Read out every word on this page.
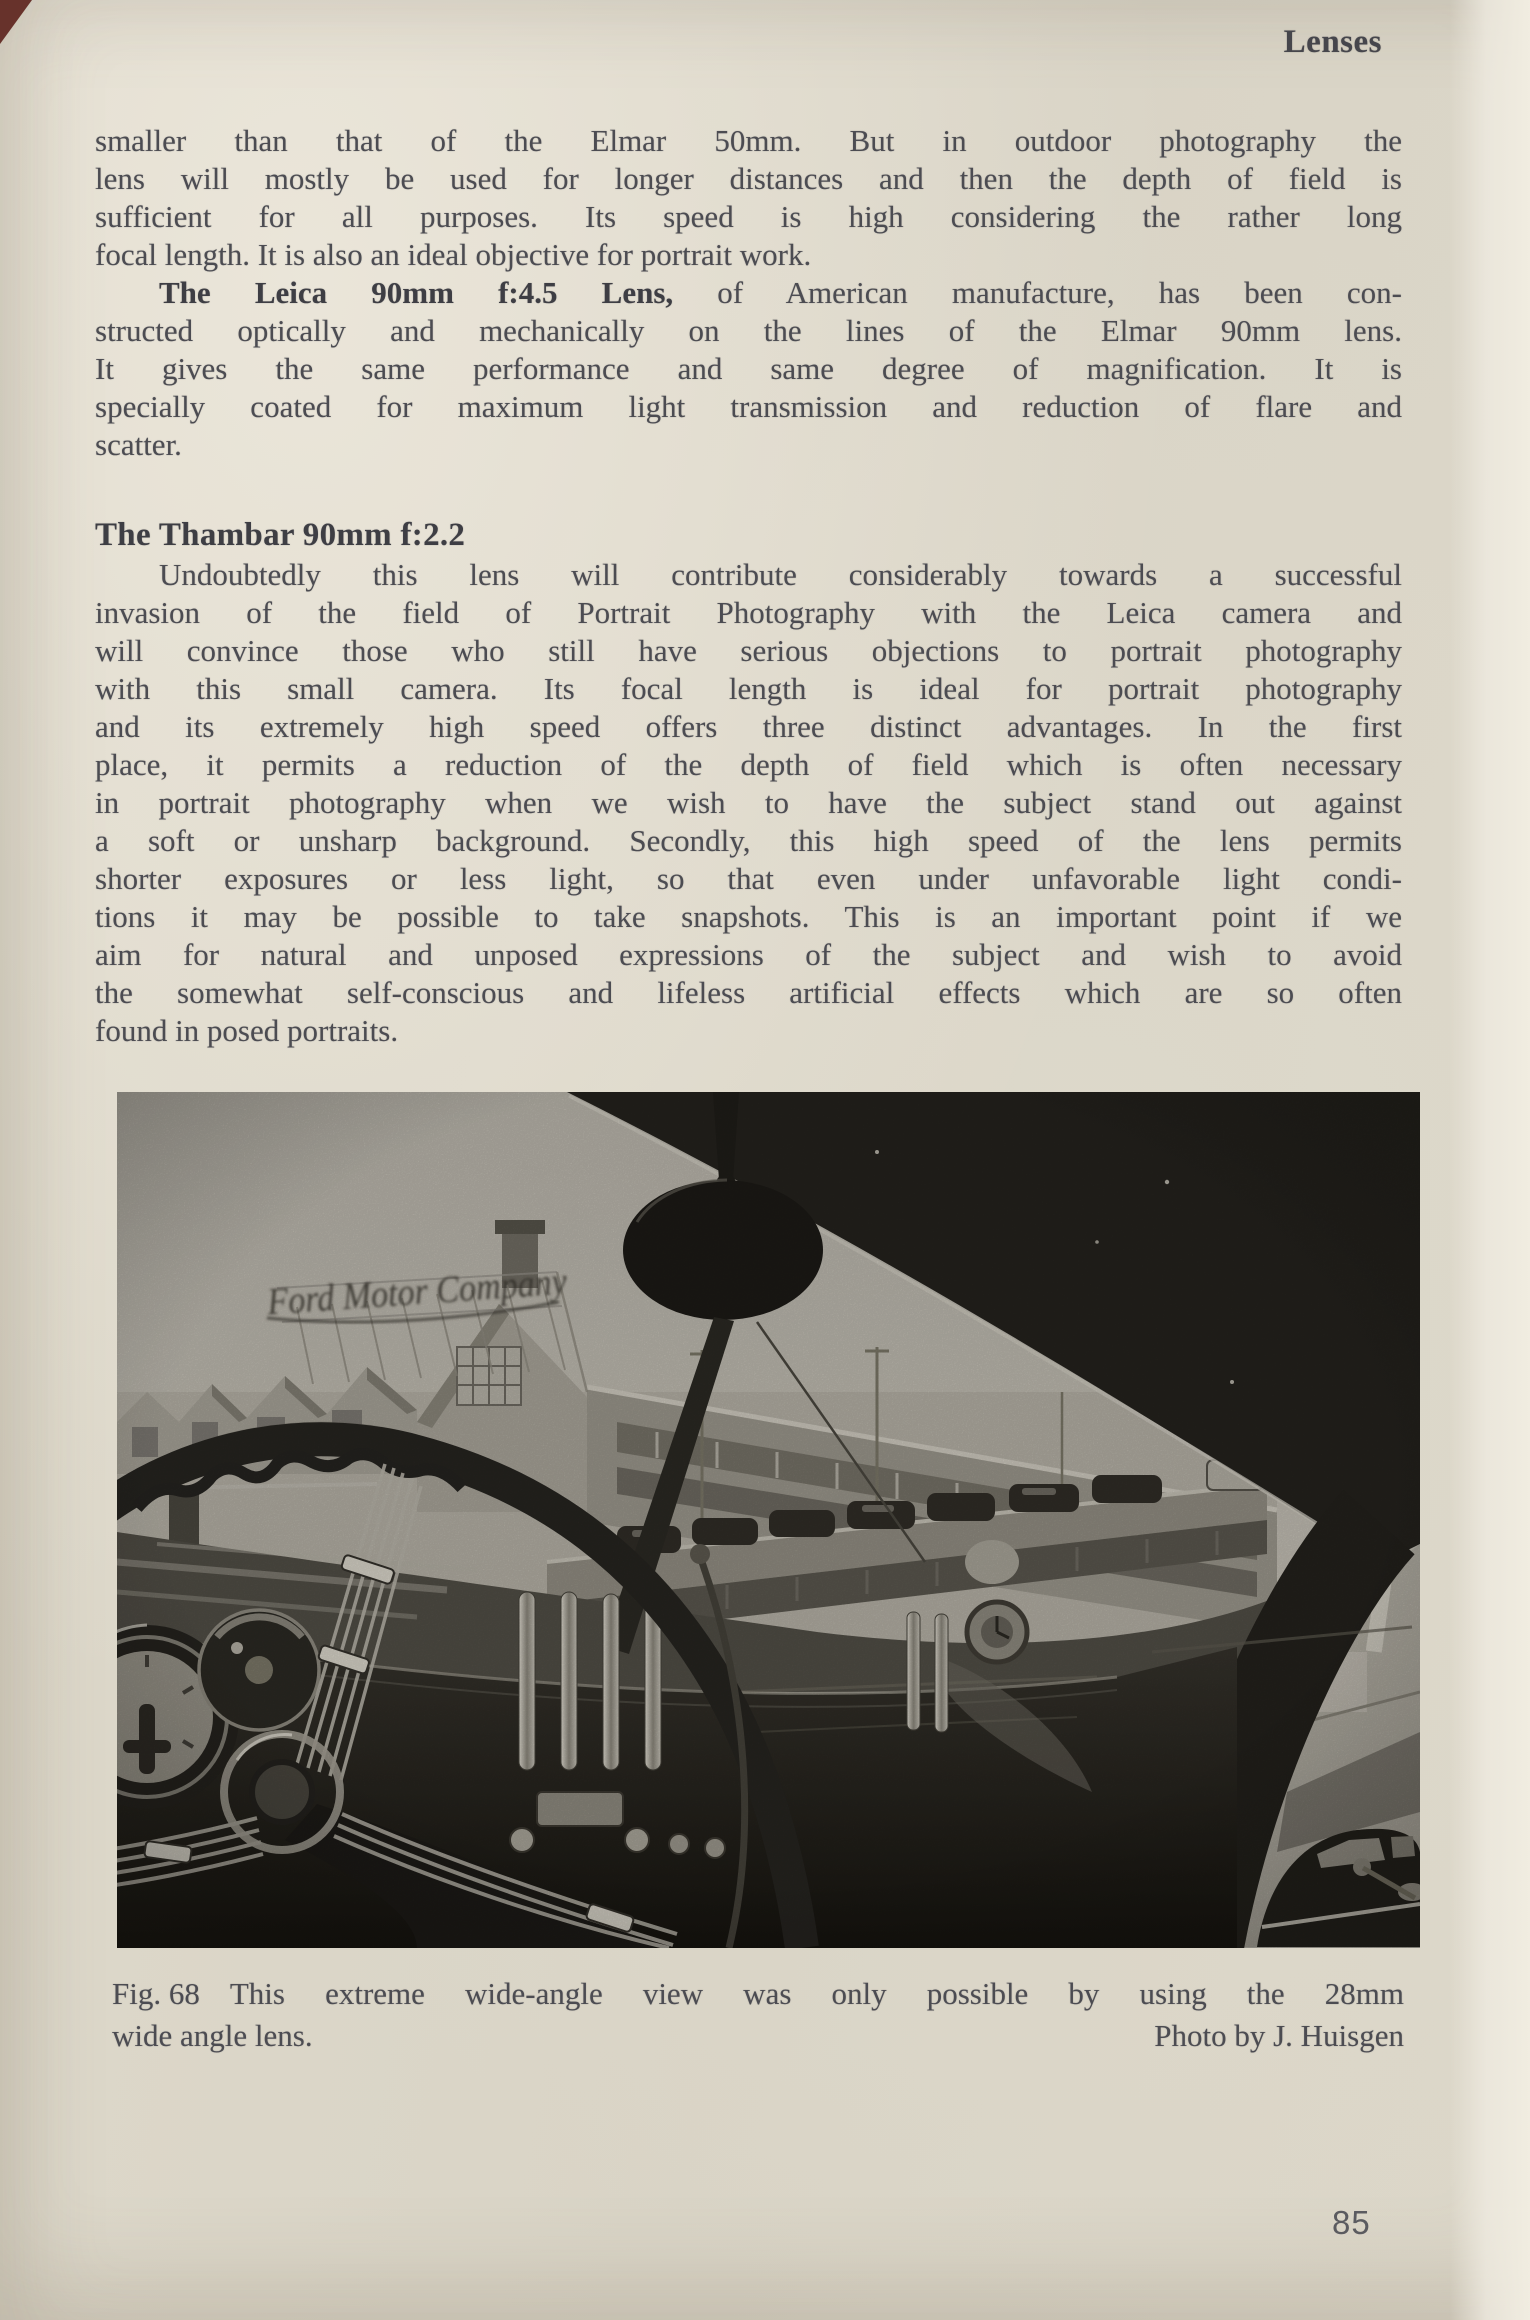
Lenses
smaller than that of the Elmar 50mm. But in outdoor photography the
lens will mostly be used for longer distances and then the depth of field is
sufficient for all purposes. Its speed is high considering the rather long
focal length. It is also an ideal objective for portrait work.
The Leica 90mm f:4.5 Lens, of American manufacture, has been con-
structed optically and mechanically on the lines of the Elmar 90mm lens.
It gives the same performance and same degree of magnification. It is
specially coated for maximum light transmission and reduction of flare and
scatter.
The Thambar 90mm f:2.2
Undoubtedly this lens will contribute considerably towards a successful
invasion of the field of Portrait Photography with the Leica camera and
will convince those who still have serious objections to portrait photography
with this small camera. Its focal length is ideal for portrait photography
and its extremely high speed offers three distinct advantages. In the first
place, it permits a reduction of the depth of field which is often necessary
in portrait photography when we wish to have the subject stand out against
a soft or unsharp background. Secondly, this high speed of the lens permits
shorter exposures or less light, so that even under unfavorable light condi-
tions it may be possible to take snapshots. This is an important point if we
aim for natural and unposed expressions of the subject and wish to avoid
the somewhat self-conscious and lifeless artificial effects which are so often
found in posed portraits.
Fig. 68 This extreme wide-angle view was only possible by using the 28mm
wide angle lens.	Photo by J. Huisgen
85
